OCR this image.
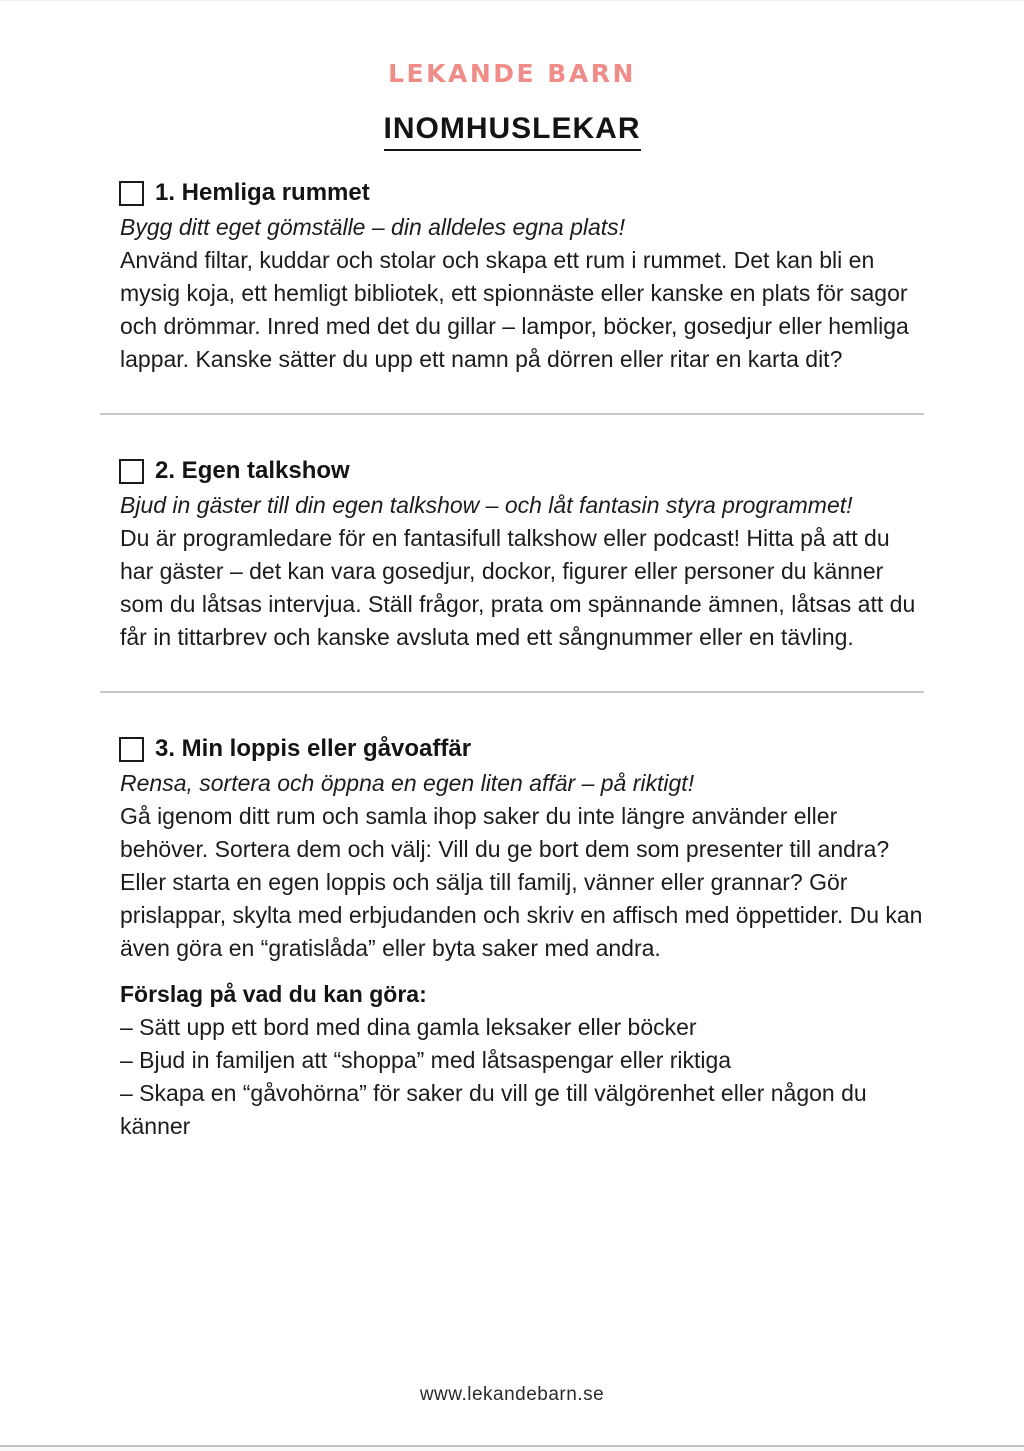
LEKANDE BARN
INOMHUSLEKAR
1. Hemliga rummet

Bygg ditt eget gömställe – din alldeles egna plats!

Använd filtar, kuddar och stolar och skapa ett rum i rummet. Det kan bli en mysig koja, ett hemligt bibliotek, ett spionnäste eller kanske en plats för sagor och drömmar. Inred med det du gillar – lampor, böcker, gosedjur eller hemliga lappar. Kanske sätter du upp ett namn på dörren eller ritar en karta dit?

2. Egen talkshow

Bjud in gäster till din egen talkshow – och låt fantasin styra programmet!

Du är programledare för en fantasifull talkshow eller podcast! Hitta på att du har gäster – det kan vara gosedjur, dockor, figurer eller personer du känner som du låtsas intervjua. Ställ frågor, prata om spännande ämnen, låtsas att du får in tittarbrev och kanske avsluta med ett sångnummer eller en tävling.

3. Min loppis eller gåvoaffär

Rensa, sortera och öppna en egen liten affär – på riktigt!

Gå igenom ditt rum och samla ihop saker du inte längre använder eller behöver. Sortera dem och välj: Vill du ge bort dem som presenter till andra? Eller starta en egen loppis och sälja till familj, vänner eller grannar? Gör prislappar, skylta med erbjudanden och skriv en affisch med öppettider. Du kan även göra en “gratislåda” eller byta saker med andra.

Förslag på vad du kan göra:

– Sätt upp ett bord med dina gamla leksaker eller böcker

– Bjud in familjen att “shoppa” med låtsaspengar eller riktiga

– Skapa en “gåvohörna” för saker du vill ge till välgörenhet eller någon du känner

www.lekandebarn.se
